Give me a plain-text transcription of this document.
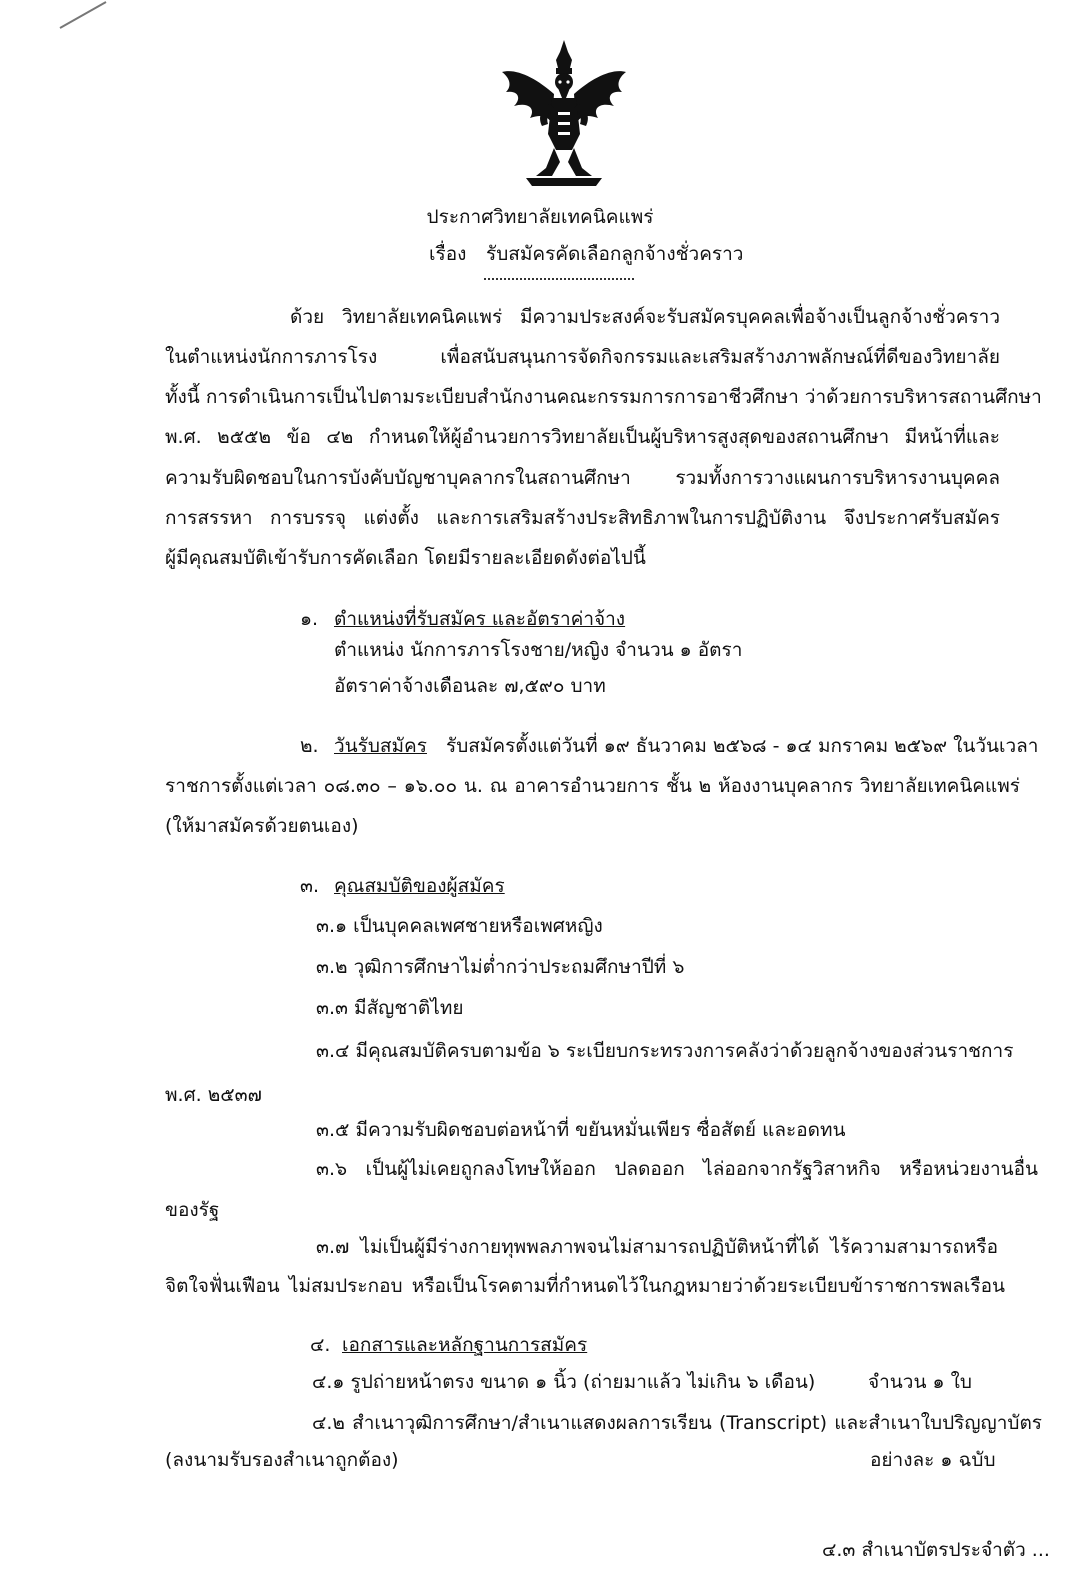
ประกาศวิทยาลัยเทคนิคแพร่
เรื่อง รับสมัครคัดเลือกลูกจ้างชั่วคราว
ด้วย วิทยาลัยเทคนิคแพร่ มีความประสงค์จะรับสมัครบุคคลเพื่อจ้างเป็นลูกจ้างชั่วคราว
ในตำแหน่งนักการภารโรง เพื่อสนับสนุนการจัดกิจกรรมและเสริมสร้างภาพลักษณ์ที่ดีของวิทยาลัย
ทั้งนี้ การดำเนินการเป็นไปตามระเบียบสำนักงานคณะกรรมการการอาชีวศึกษา ว่าด้วยการบริหารสถานศึกษา
พ.ศ. ๒๕๕๒ ข้อ ๔๒ กำหนดให้ผู้อำนวยการวิทยาลัยเป็นผู้บริหารสูงสุดของสถานศึกษา มีหน้าที่และ
ความรับผิดชอบในการบังคับบัญชาบุคลากรในสถานศึกษา รวมทั้งการวางแผนการบริหารงานบุคคล
การสรรหา การบรรจุ แต่งตั้ง และการเสริมสร้างประสิทธิภาพในการปฏิบัติงาน จึงประกาศรับสมัคร
ผู้มีคุณสมบัติเข้ารับการคัดเลือก โดยมีรายละเอียดดังต่อไปนี้
๑. ตำแหน่งที่รับสมัคร และอัตราค่าจ้าง
ตำแหน่ง นักการภารโรงชาย/หญิง จำนวน ๑ อัตรา
อัตราค่าจ้างเดือนละ ๗,๕๙๐ บาท
๒. วันรับสมัคร รับสมัครตั้งแต่วันที่ ๑๙ ธันวาคม ๒๕๖๘ - ๑๔ มกราคม ๒๕๖๙ ในวันเวลา
ราชการตั้งแต่เวลา ๐๘.๓๐ – ๑๖.๐๐ น. ณ อาคารอำนวยการ ชั้น ๒ ห้องงานบุคลากร วิทยาลัยเทคนิคแพร่
(ให้มาสมัครด้วยตนเอง)
๓. คุณสมบัติของผู้สมัคร
๓.๑ เป็นบุคคลเพศชายหรือเพศหญิง
๓.๒ วุฒิการศึกษาไม่ต่ำกว่าประถมศึกษาปีที่ ๖
๓.๓ มีสัญชาติไทย
๓.๔ มีคุณสมบัติครบตามข้อ ๖ ระเบียบกระทรวงการคลังว่าด้วยลูกจ้างของส่วนราชการ
พ.ศ. ๒๕๓๗
๓.๕ มีความรับผิดชอบต่อหน้าที่ ขยันหมั่นเพียร ซื่อสัตย์ และอดทน
๓.๖ เป็นผู้ไม่เคยถูกลงโทษให้ออก ปลดออก ไล่ออกจากรัฐวิสาหกิจ หรือหน่วยงานอื่น
ของรัฐ
๓.๗ ไม่เป็นผู้มีร่างกายทุพพลภาพจนไม่สามารถปฏิบัติหน้าที่ได้ ไร้ความสามารถหรือ
จิตใจฟั่นเฟือน ไม่สมประกอบ หรือเป็นโรคตามที่กำหนดไว้ในกฎหมายว่าด้วยระเบียบข้าราชการพลเรือน
๔. เอกสารและหลักฐานการสมัคร
๔.๑ รูปถ่ายหน้าตรง ขนาด ๑ นิ้ว (ถ่ายมาแล้ว ไม่เกิน ๖ เดือน)	จำนวน ๑ ใบ
๔.๒ สำเนาวุฒิการศึกษา/สำเนาแสดงผลการเรียน (Transcript) และสำเนาใบปริญญาบัตร
(ลงนามรับรองสำเนาถูกต้อง)	อย่างละ ๑ ฉบับ
๔.๓ สำเนาบัตรประจำตัว ...
